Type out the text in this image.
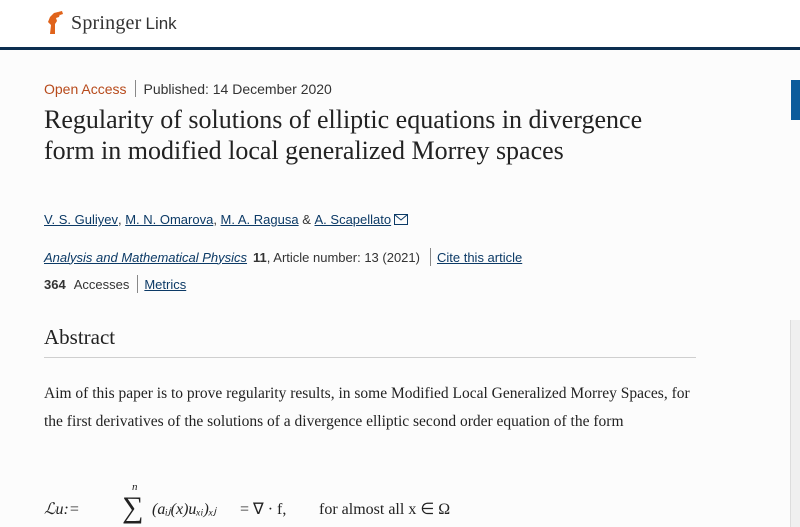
Springer Link
Open Access Published: 14 December 2020
Regularity of solutions of elliptic equations in divergence form in modified local generalized Morrey spaces
V. S. Guliyev , M. N. Omarova , M. A. Ragusa & A. Scapellato
Analysis and Mathematical Physics 11 , Article number: 13 (2021) Cite this article
364 Accesses Metrics
Abstract

Aim of this paper is to prove regularity results, in some Modified Local Generalized Morrey Spaces, for the first derivatives of the solutions of a divergence elliptic second order equation of the form

ℒu:=
n
∑ (aᵢⱼ(x)uₓᵢ)ₓⱼ = ∇ · f, for almost all x ∈ Ω
